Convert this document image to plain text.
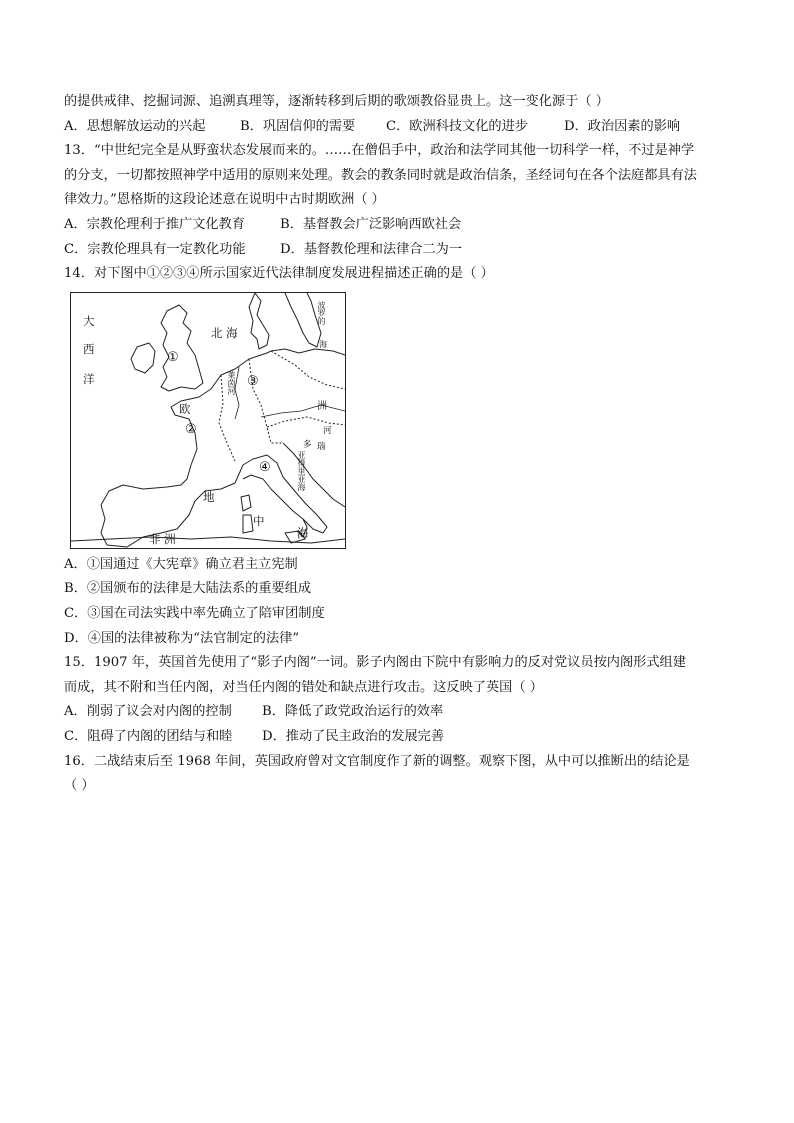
的提供戒律、挖掘词源、追溯真理等，逐渐转移到后期的歌颂教俗显贵上。这一变化源于（ ）
A．思想解放运动的兴起	B．巩固信仰的需要	C．欧洲科技文化的进步	D．政治因素的影响
13．“中世纪完全是从野蛮状态发展而来的。……在僧侣手中，政治和法学同其他一切科学一样，不过是神学
的分支，一切都按照神学中适用的原则来处理。教会的教条同时就是政治信条，圣经词句在各个法庭都具有法
律效力。”恩格斯的这段论述意在说明中古时期欧洲（ ）
A．宗教伦理利于推广文化教育	B．基督教会广泛影响西欧社会
C．宗教伦理具有一定教化功能	D．基督教伦理和法律合二为一
14．对下图中①②③④所示国家近代法律制度发展进程描述正确的是（ ）
大
西
洋
北 海
欧
地
中
海
非 洲
莱茵河
多 瑙
河
洲
波罗的
海
亚得里亚海
①
②
③
④
A．①国通过《大宪章》确立君主立宪制
B．②国颁布的法律是大陆法系的重要组成
C．③国在司法实践中率先确立了陪审团制度
D．④国的法律被称为“法官制定的法律”
15．1907 年，英国首先使用了“影子内阁”一词。影子内阁由下院中有影响力的反对党议员按内阁形式组建
而成，其不附和当任内阁，对当任内阁的错处和缺点进行攻击。这反映了英国（ ）
A．削弱了议会对内阁的控制	B．降低了政党政治运行的效率
C．阻碍了内阁的团结与和睦	D．推动了民主政治的发展完善
16．二战结束后至 1968 年间，英国政府曾对文官制度作了新的调整。观察下图，从中可以推断出的结论是
（ ）
